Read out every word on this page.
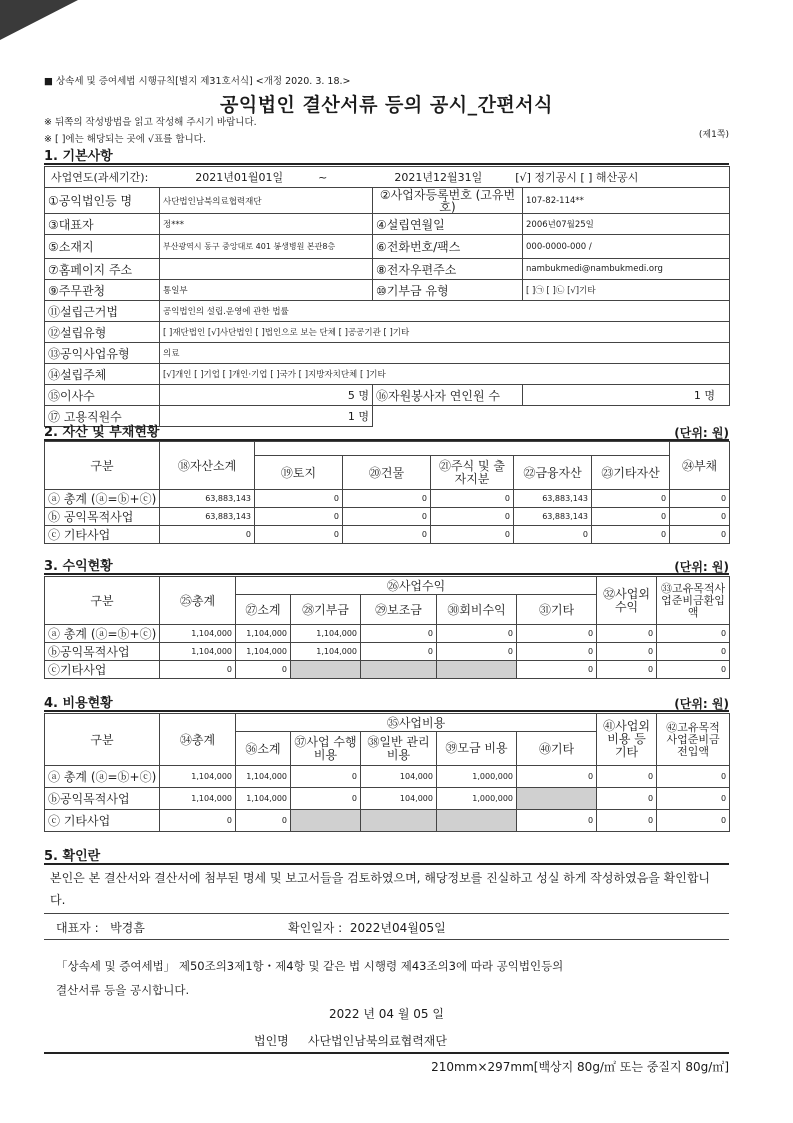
■ 상속세 및 증여세법 시행규칙[별지 제31호서식] <개정 2020. 3. 18.>
공익법인 결산서류 등의 공시_간편서식
※ 뒤쪽의 작성방법을 읽고 작성해 주시기 바랍니다.
※ [ ]에는 해당되는 곳에 √표를 합니다.	(제1쪽)
1. 기본사항
사업연도(과세기간): 2021년01월01일 ~ 2021년12월31일 [√] 정기공시 [ ] 해산공시			
①공익법인등 명	사단법인남북의료협력재단	②사업자등록번호 (고유번호)	107-82-114**
③대표자	정***	④설립연월일	2006년07월25일
⑤소재지	부산광역시 동구 중앙대로 401 봉생병원 본관8층	⑥전화번호/팩스	000-0000-000 /
⑦홈페이지 주소		⑧전자우편주소	nambukmedi@nambukmedi.org
⑨주무관청	통일부	⑩기부금 유형	[ ]㉠ [ ]㉡ [√]기타
⑪설립근거법	공익법인의 설립.운영에 관한 법률		
⑫설립유형	[ ]재단법인 [√]사단법인 [ ]법인으로 보는 단체 [ ]공공기관 [ ]기타		
⑬공익사업유형	의료		
⑭설립주체	[√]개인 [ ]기업 [ ]개인·기업 [ ]국가 [ ]지방자치단체 [ ]기타		
⑮이사수	5 명	⑯자원봉사자 연인원 수	1 명
⑰ 고용직원수	1 명		
2. 자산 및 부채현황	(단위: 원)
구분	⑱자산소계						㉔부채
		⑲토지	⑳건물	㉑주식 및 출자지분	㉒금융자산	㉓기타자산	
ⓐ 총계 (ⓐ=ⓑ+ⓒ)	63,883,143	0	0	0	63,883,143	0	0
ⓑ 공익목적사업	63,883,143	0	0	0	63,883,143	0	0
ⓒ 기타사업	0	0	0	0	0	0	0
3. 수익현황	(단위: 원)
구분	㉕총계	㉖사업수익					㉜사업외수익	㉝고유목적사업준비금환입액
		㉗소계	㉘기부금	㉙보조금	㉚회비수익	㉛기타		
ⓐ 총계 (ⓐ=ⓑ+ⓒ)	1,104,000	1,104,000	1,104,000	0	0	0	0	0
ⓑ공익목적사업	1,104,000	1,104,000	1,104,000	0	0	0	0	0
ⓒ기타사업	0	0				0	0	0
4. 비용현황	(단위: 원)
구분	㉞총계	㉟사업비용					㊶사업외 비용 등 기타	㊷고유목적 사업준비금 전입액
		㊱소계	㊲사업 수행비용	㊳일반 관리비용	㊴모금 비용	㊵기타		
ⓐ 총계 (ⓐ=ⓑ+ⓒ)	1,104,000	1,104,000	0	104,000	1,000,000	0	0	0
ⓑ공익목적사업	1,104,000	1,104,000	0	104,000	1,000,000		0	0
ⓒ 기타사업	0	0				0	0	0
5. 확인란
본인은 본 결산서와 결산서에 첨부된 명세 및 보고서들을 검토하였으며, 해당정보를 진실하고 성실 하게 작성하였음을 확인합니다.
대표자 : 박경흠	확인일자 : 2022년04월05일
「상속세 및 증여세법」 제50조의3제1항・제4항 및 같은 법 시행령 제43조의3에 따라 공익법인등의
결산서류 등을 공시합니다.
2022 년 04 월 05 일
법인명 사단법인남북의료협력재단
210mm×297mm[백상지 80g/㎡ 또는 중질지 80g/㎡]
